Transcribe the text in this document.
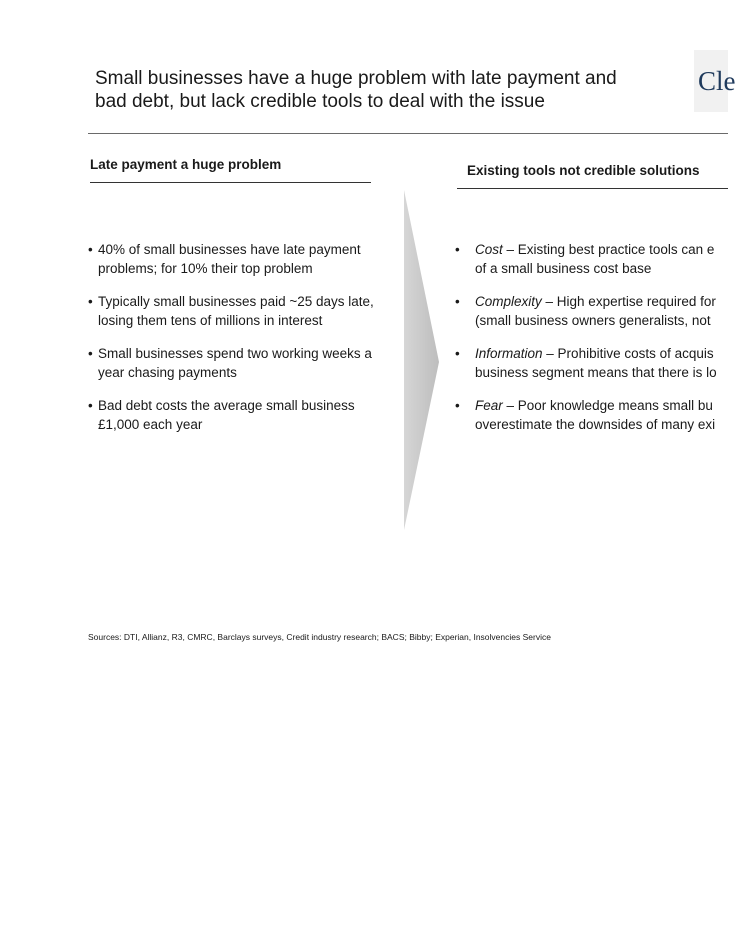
Small businesses have a huge problem with late payment and
bad debt, but lack credible tools to deal with the issue
Cle
Late payment a huge problem	Existing tools not credible solutions
• 40% of small businesses have late payment problems; for 10% their top problem
• Typically small businesses paid ~25 days late, losing them tens of millions in interest
• Small businesses spend two working weeks a year chasing payments
• Bad debt costs the average small business £1,000 each year
• Cost – Existing best practice tools can e
of a small business cost base
• Complexity – High expertise required for
(small business owners generalists, not
• Information – Prohibitive costs of acquis
business segment means that there is lo
• Fear – Poor knowledge means small bu
overestimate the downsides of many exi
Sources: DTI, Allianz, R3, CMRC, Barclays surveys, Credit industry research; BACS; Bibby; Experian, Insolvencies Service
